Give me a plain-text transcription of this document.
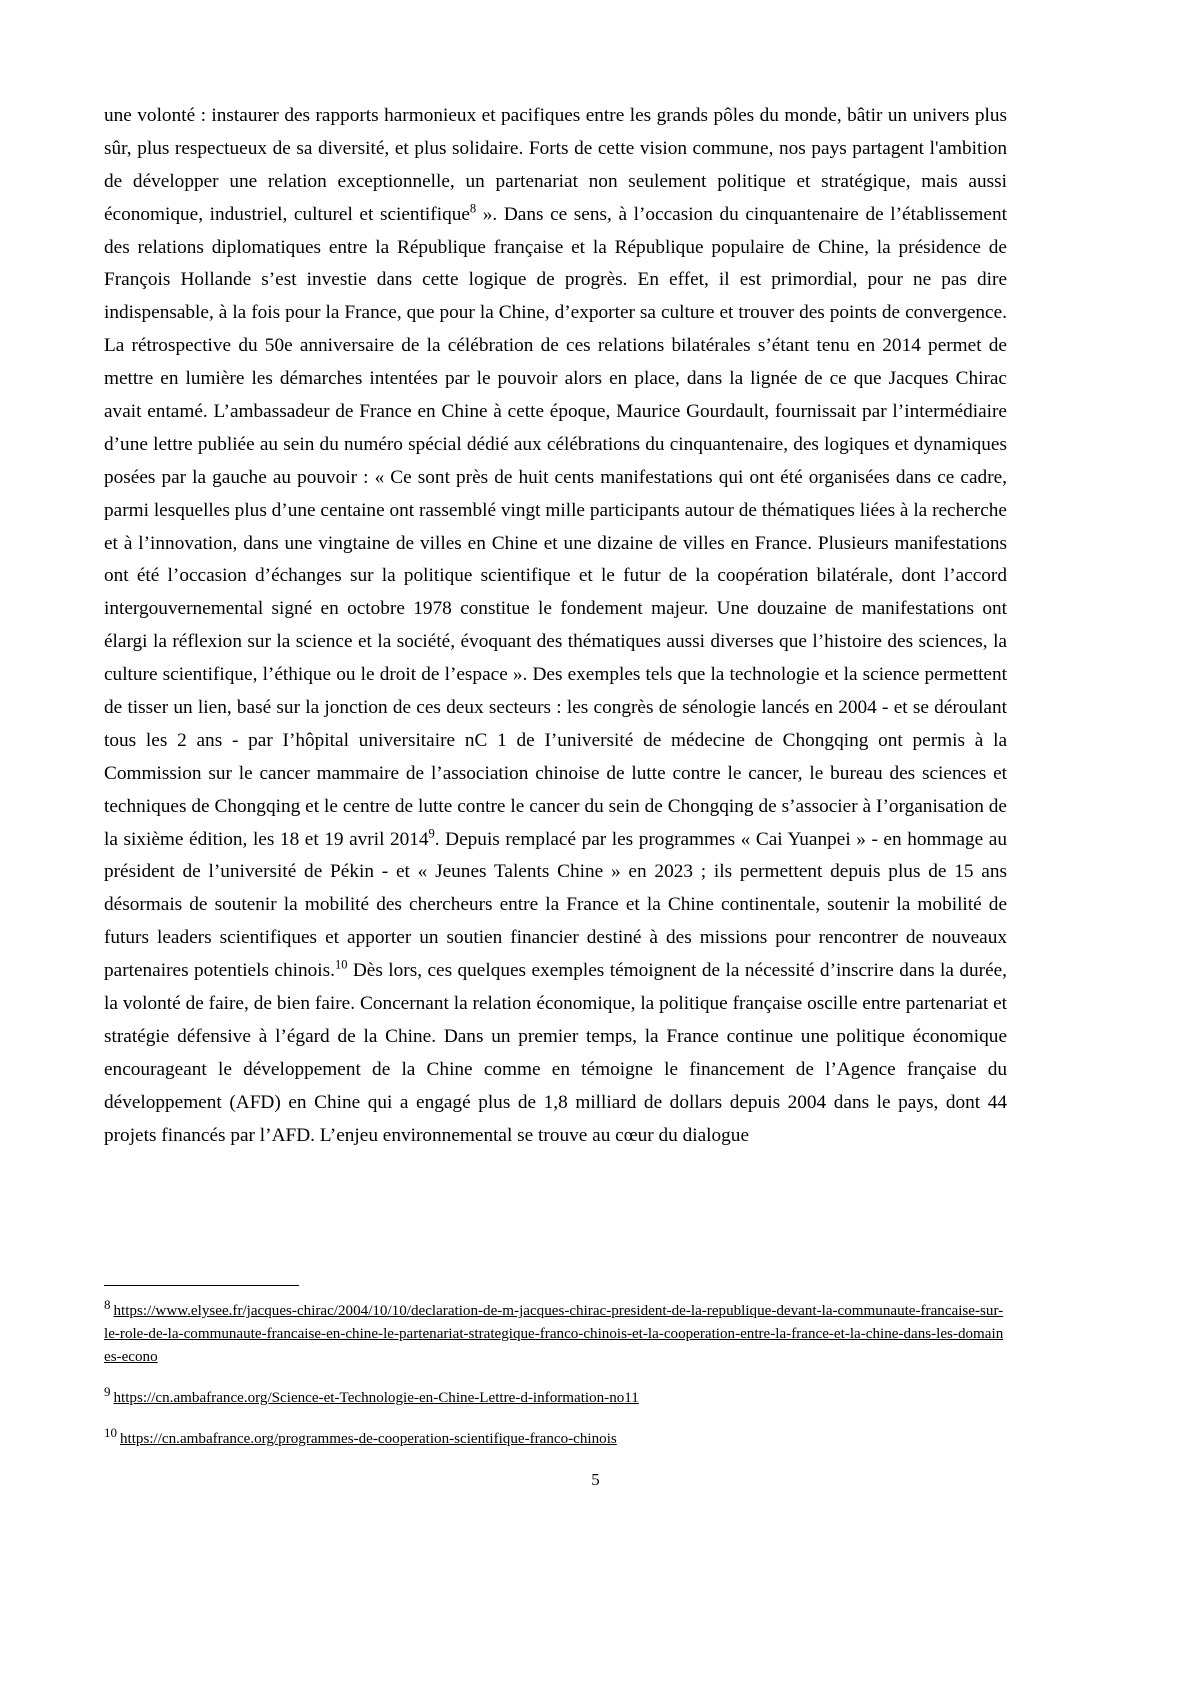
une volonté : instaurer des rapports harmonieux et pacifiques entre les grands pôles du monde, bâtir un univers plus sûr, plus respectueux de sa diversité, et plus solidaire. Forts de cette vision commune, nos pays partagent l'ambition de développer une relation exceptionnelle, un partenariat non seulement politique et stratégique, mais aussi économique, industriel, culturel et scientifique$^8$ ». Dans ce sens, à l’occasion du cinquantenaire de l’établissement des relations diplomatiques entre la République française et la République populaire de Chine, la présidence de François Hollande s’est investie dans cette logique de progrès. En effet, il est primordial, pour ne pas dire indispensable, à la fois pour la France, que pour la Chine, d’exporter sa culture et trouver des points de convergence. La rétrospective du 50e anniversaire de la célébration de ces relations bilatérales s’étant tenu en 2014 permet de mettre en lumière les démarches intentées par le pouvoir alors en place, dans la lignée de ce que Jacques Chirac avait entamé. L’ambassadeur de France en Chine à cette époque, Maurice Gourdault, fournissait par l’intermédiaire d’une lettre publiée au sein du numéro spécial dédié aux célébrations du cinquantenaire, des logiques et dynamiques posées par la gauche au pouvoir : « Ce sont près de huit cents manifestations qui ont été organisées dans ce cadre, parmi lesquelles plus d’une centaine ont rassemblé vingt mille participants autour de thématiques liées à la recherche et à l’innovation, dans une vingtaine de villes en Chine et une dizaine de villes en France. Plusieurs manifestations ont été l’occasion d’échanges sur la politique scientifique et le futur de la coopération bilatérale, dont l’accord intergouvernemental signé en octobre 1978 constitue le fondement majeur. Une douzaine de manifestations ont élargi la réflexion sur la science et la société, évoquant des thématiques aussi diverses que l’histoire des sciences, la culture scientifique, l’éthique ou le droit de l’espace ». Des exemples tels que la technologie et la science permettent de tisser un lien, basé sur la jonction de ces deux secteurs : les congrès de sénologie lancés en 2004 - et se déroulant tous les 2 ans - par I’hôpital universitaire nC 1 de I’université de médecine de Chongqing ont permis à la Commission sur le cancer mammaire de l’association chinoise de lutte contre le cancer, le bureau des sciences et techniques de Chongqing et le centre de lutte contre le cancer du sein de Chongqing de s’associer à I’organisation de la sixième édition, les 18 et 19 avril 2014$^9$. Depuis remplacé par les programmes « Cai Yuanpei » - en hommage au président de l’université de Pékin - et « Jeunes Talents Chine » en 2023 ; ils permettent depuis plus de 15 ans désormais de soutenir la mobilité des chercheurs entre la France et la Chine continentale, soutenir la mobilité de futurs leaders scientifiques et apporter un soutien financier destiné à des missions pour rencontrer de nouveaux partenaires potentiels chinois.$^{10}$ Dès lors, ces quelques exemples témoignent de la nécessité d’inscrire dans la durée, la volonté de faire, de bien faire. Concernant la relation économique, la politique française oscille entre partenariat et stratégie défensive à l’égard de la Chine. Dans un premier temps, la France continue une politique économique encourageant le développement de la Chine comme en témoigne le financement de l’Agence française du développement (AFD) en Chine qui a engagé plus de 1,8 milliard de dollars depuis 2004 dans le pays, dont 44 projets financés par l’AFD. L’enjeu environnemental se trouve au cœur du dialogue

8 https://www.elysee.fr/jacques-chirac/2004/10/10/declaration-de-m-jacques-chirac-president-de-la-republique-devant-la-communaute-francaise-sur-le-role-de-la-communaute-francaise-en-chine-le-partenariat-strategique-franco-chinois-et-la-cooperation-entre-la-france-et-la-chine-dans-les-domaines-econo
9 https://cn.ambafrance.org/Science-et-Technologie-en-Chine-Lettre-d-information-no11
10 https://cn.ambafrance.org/programmes-de-cooperation-scientifique-franco-chinois
5
